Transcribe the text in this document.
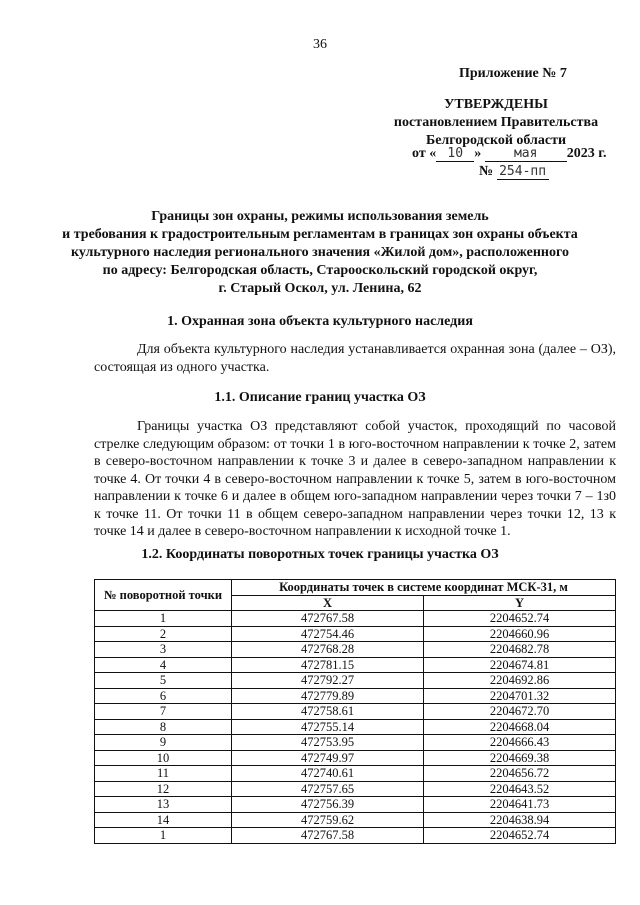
36
Приложение № 7
УТВЕРЖДЕНЫ
постановлением Правительства
Белгородской области
от « 10 »	мая 2023 г.
№ 254-пп
Границы зон охраны, режимы использования земель
и требования к градостроительным регламентам в границах зон охраны объекта
культурного наследия регионального значения «Жилой дом», расположенного
по адресу: Белгородская область, Старооскольский городской округ,
г. Старый Оскол, ул. Ленина, 62
1. Охранная зона объекта культурного наследия
Для объекта культурного наследия устанавливается охранная зона (далее – ОЗ), состоящая из одного участка.
1.1. Описание границ участка ОЗ
Границы участка ОЗ представляют собой участок, проходящий по часовой стрелке следующим образом: от точки 1 в юго-восточном направлении к точке 2, затем в северо-восточном направлении к точке 3 и далее в северо-западном направлении к точке 4. От точки 4 в северо-восточном направлении к точке 5, затем в юго-восточном направлении к точке 6 и далее в общем юго-западном направлении через точки 7 – 1з0 к точке 11. От точки 11 в общем северо-западном направлении через точки 12, 13 к точке 14 и далее в северо-восточном направлении к исходной точке 1.
1.2. Координаты поворотных точек границы участка ОЗ
№ поворотной точки	Координаты точек в системе координат МСК-31, м	
	X	Y
1	472767.58	2204652.74
2	472754.46	2204660.96
3	472768.28	2204682.78
4	472781.15	2204674.81
5	472792.27	2204692.86
6	472779.89	2204701.32
7	472758.61	2204672.70
8	472755.14	2204668.04
9	472753.95	2204666.43
10	472749.97	2204669.38
11	472740.61	2204656.72
12	472757.65	2204643.52
13	472756.39	2204641.73
14	472759.62	2204638.94
1	472767.58	2204652.74
